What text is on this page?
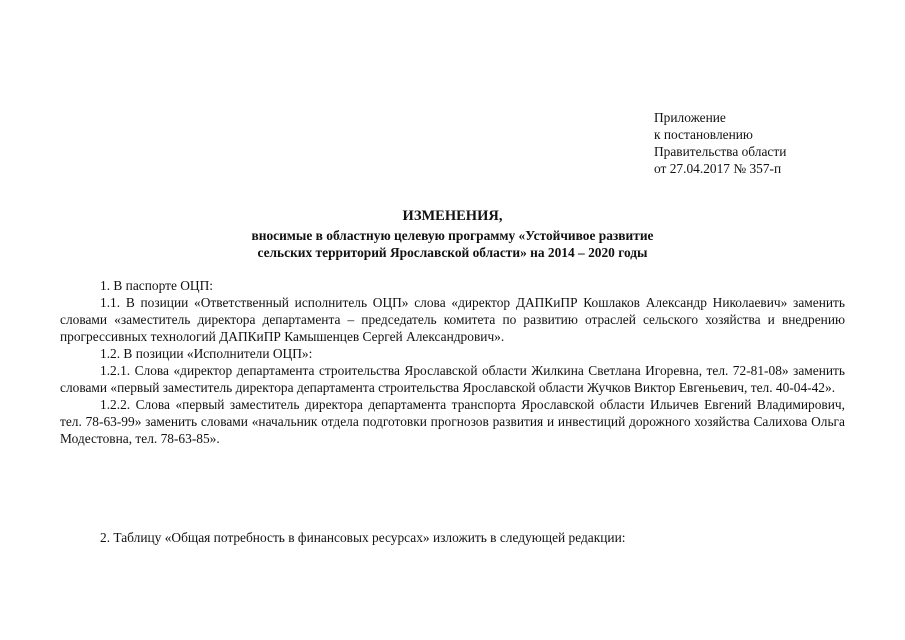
Приложение
к постановлению
Правительства области
от 27.04.2017 № 357-п
ИЗМЕНЕНИЯ,
вносимые в областную целевую программу «Устойчивое развитие
сельских территорий Ярославской области» на 2014 – 2020 годы

1. В паспорте ОЦП:

1.1. В позиции «Ответственный исполнитель ОЦП» слова «директор ДАПКиПР Кошлаков Александр Николаевич» заменить словами «заместитель директора департамента – председатель комитета по развитию отраслей сельского хозяйства и внедрению прогрессивных технологий ДАПКиПР Камышенцев Сергей Александрович».

1.2. В позиции «Исполнители ОЦП»:

1.2.1. Слова «директор департамента строительства Ярославской области Жилкина Светлана Игоревна, тел. 72-81-08» заменить словами «первый заместитель директора департамента строительства Ярославской области Жучков Виктор Евгеньевич, тел. 40-04-42».

1.2.2. Слова «первый заместитель директора департамента транспорта Ярославской области Ильичев Евгений Владимирович, тел. 78-63-99» заменить словами «начальник отдела подготовки прогнозов развития и инвестиций дорожного хозяйства Салихова Ольга Модестовна, тел. 78-63-85».

2. Таблицу «Общая потребность в финансовых ресурсах» изложить в следующей редакции:
